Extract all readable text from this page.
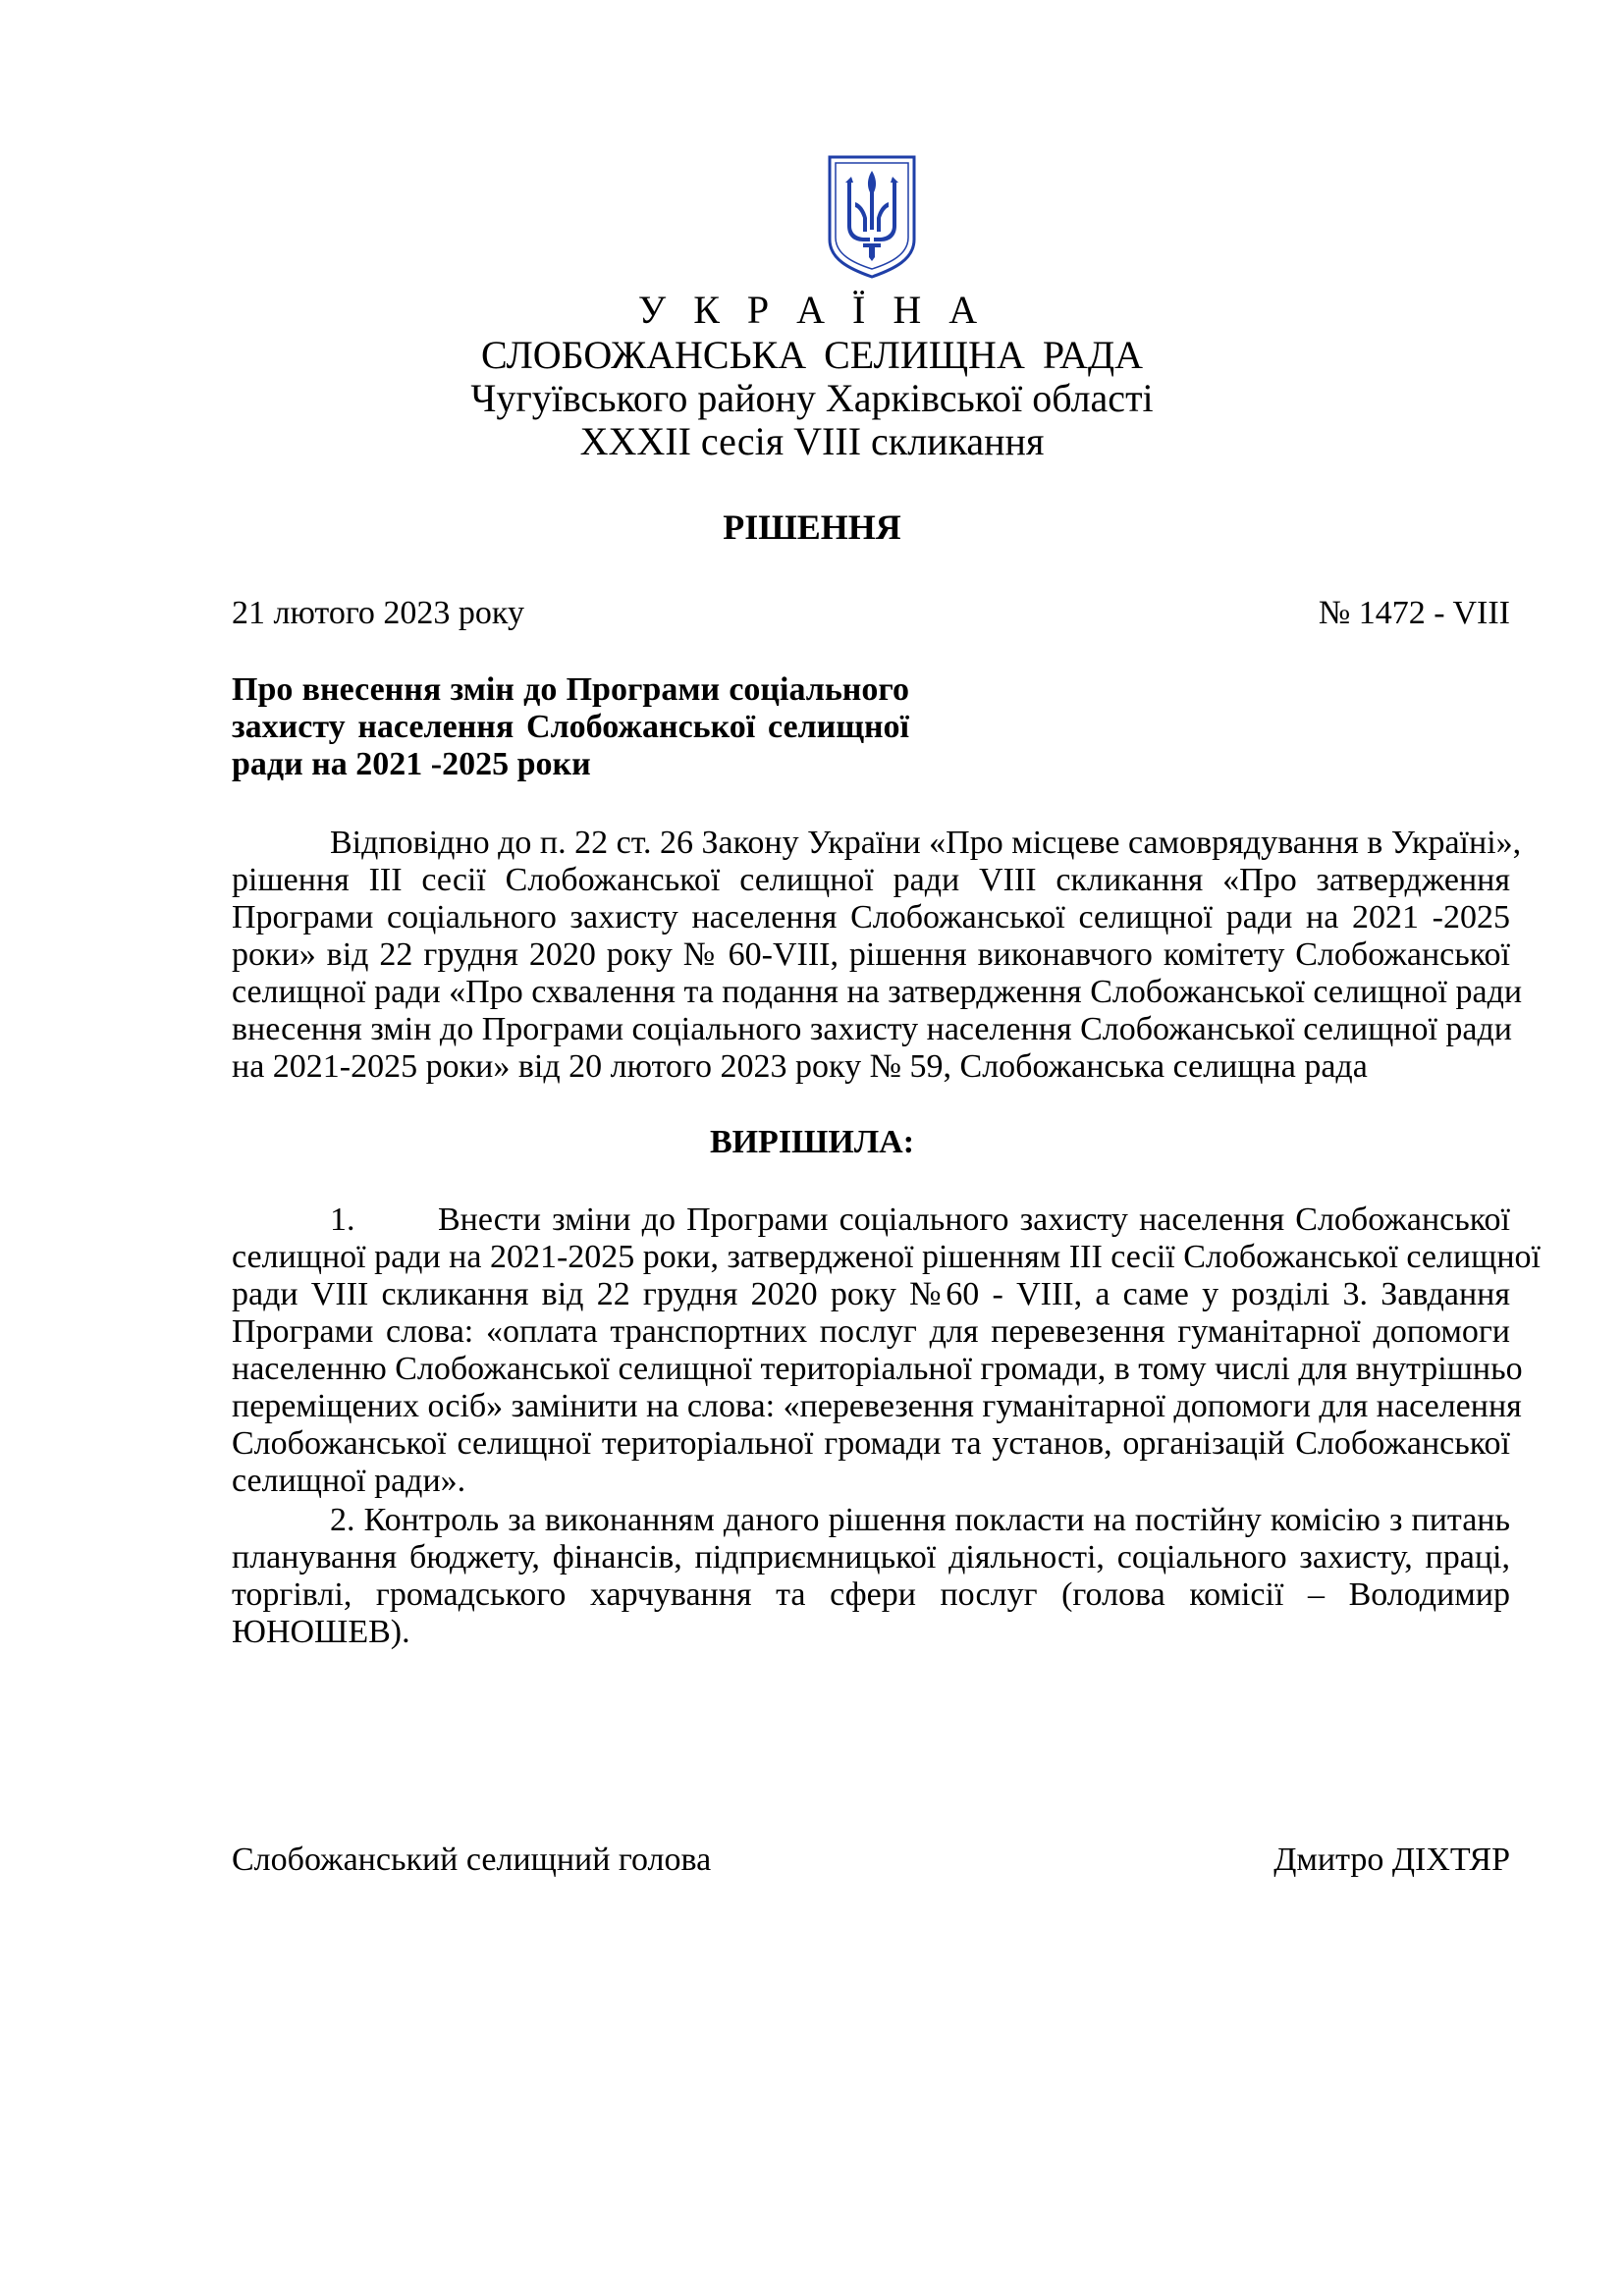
У К Р А Ї Н А
СЛОБОЖАНСЬКА СЕЛИЩНА РАДА
Чугуївського району Харківської області
XXXII сесія VIII скликання
РІШЕННЯ
21 лютого 2023 року	№ 1472 - VIII
Про внесення змін до Програми соціального
захисту населення Слобожанської селищної
ради на 2021 -2025 роки
Відповідно до п. 22 ст. 26 Закону України «Про місцеве самоврядування в Україні»,
рішення III сесії Слобожанської селищної ради VIII скликання «Про затвердження
Програми соціального захисту населення Слобожанської селищної ради на 2021 -2025
роки» від 22 грудня 2020 року № 60-VIII, рішення виконавчого комітету Слобожанської
селищної ради «Про схвалення та подання на затвердження Слобожанської селищної ради
внесення змін до Програми соціального захисту населення Слобожанської селищної ради
на 2021-2025 роки» від 20 лютого 2023 року № 59, Слобожанська селищна рада
ВИРІШИЛА:
1. Внести зміни до Програми соціального захисту населення Слобожанської
селищної ради на 2021-2025 роки, затвердженої рішенням III сесії Слобожанської селищної
ради VIII скликання від 22 грудня 2020 року №60 - VIII, а саме у розділі 3. Завдання
Програми слова: «оплата транспортних послуг для перевезення гуманітарної допомоги
населенню Слобожанської селищної територіальної громади, в тому числі для внутрішньо
переміщених осіб» замінити на слова: «перевезення гуманітарної допомоги для населення
Слобожанської селищної територіальної громади та установ, організацій Слобожанської
селищної ради».
2. Контроль за виконанням даного рішення покласти на постійну комісію з питань
планування бюджету, фінансів, підприємницької діяльності, соціального захисту, праці,
торгівлі, громадського харчування та сфери послуг (голова комісії – Володимир
ЮНОШЕВ).
Слобожанський селищний голова	Дмитро ДІХТЯР
